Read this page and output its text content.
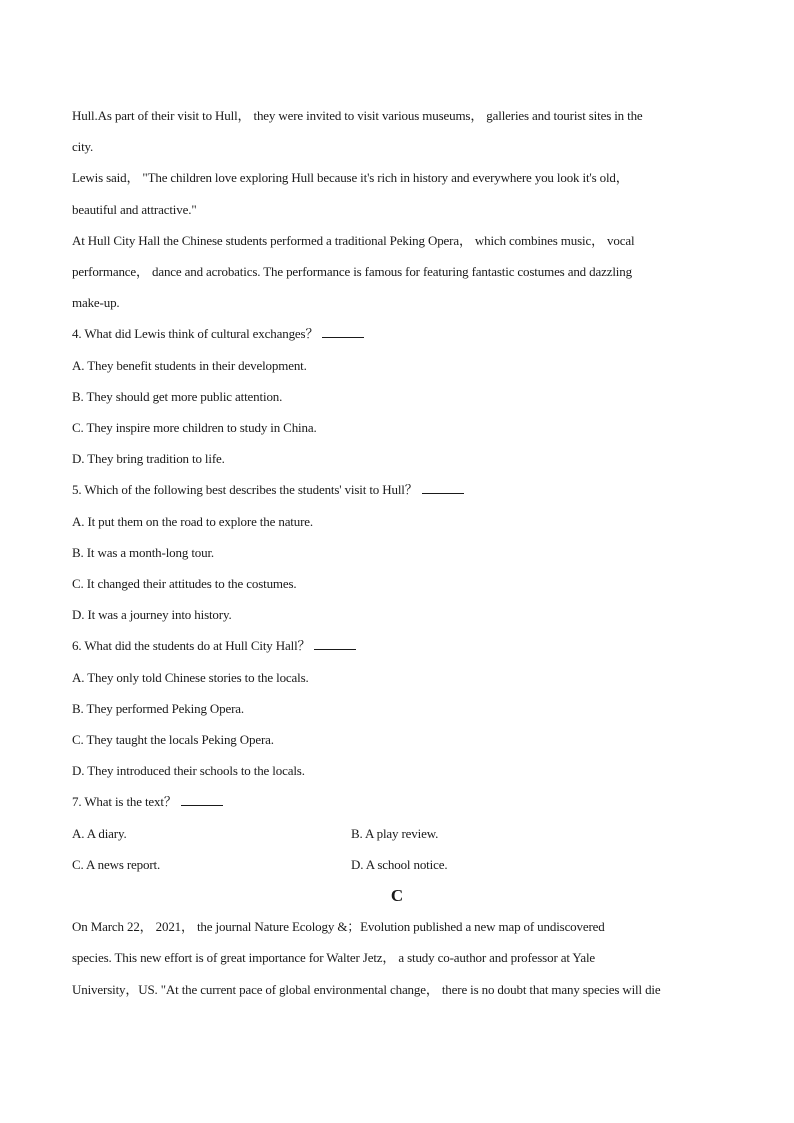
Hull.As part of their visit to Hull， they were invited to visit various museums， galleries and tourist sites in the
city.
Lewis said， "The children love exploring Hull because it's rich in history and everywhere you look it's old，
beautiful and attractive."
At Hull City Hall the Chinese students performed a traditional Peking Opera， which combines music， vocal
performance， dance and acrobatics. The performance is famous for featuring fantastic costumes and dazzling
make-up.
4. What did Lewis think of cultural exchanges？
A. They benefit students in their development.
B. They should get more public attention.
C. They inspire more children to study in China.
D. They bring tradition to life.
5. Which of the following best describes the students' visit to Hull？
A. It put them on the road to explore the nature.
B. It was a month-long tour.
C. It changed their attitudes to the costumes.
D. It was a journey into history.
6. What did the students do at Hull City Hall？
A. They only told Chinese stories to the locals.
B. They performed Peking Opera.
C. They taught the locals Peking Opera.
D. They introduced their schools to the locals.
7. What is the text？
A. A diary.	B. A play review.
C. A news report.	D. A school notice.
C
On March 22， 2021， the journal Nature Ecology &；Evolution published a new map of undiscovered
species. This new effort is of great importance for Walter Jetz， a study co-author and professor at Yale
University，US. "At the current pace of global environmental change， there is no doubt that many species will die
